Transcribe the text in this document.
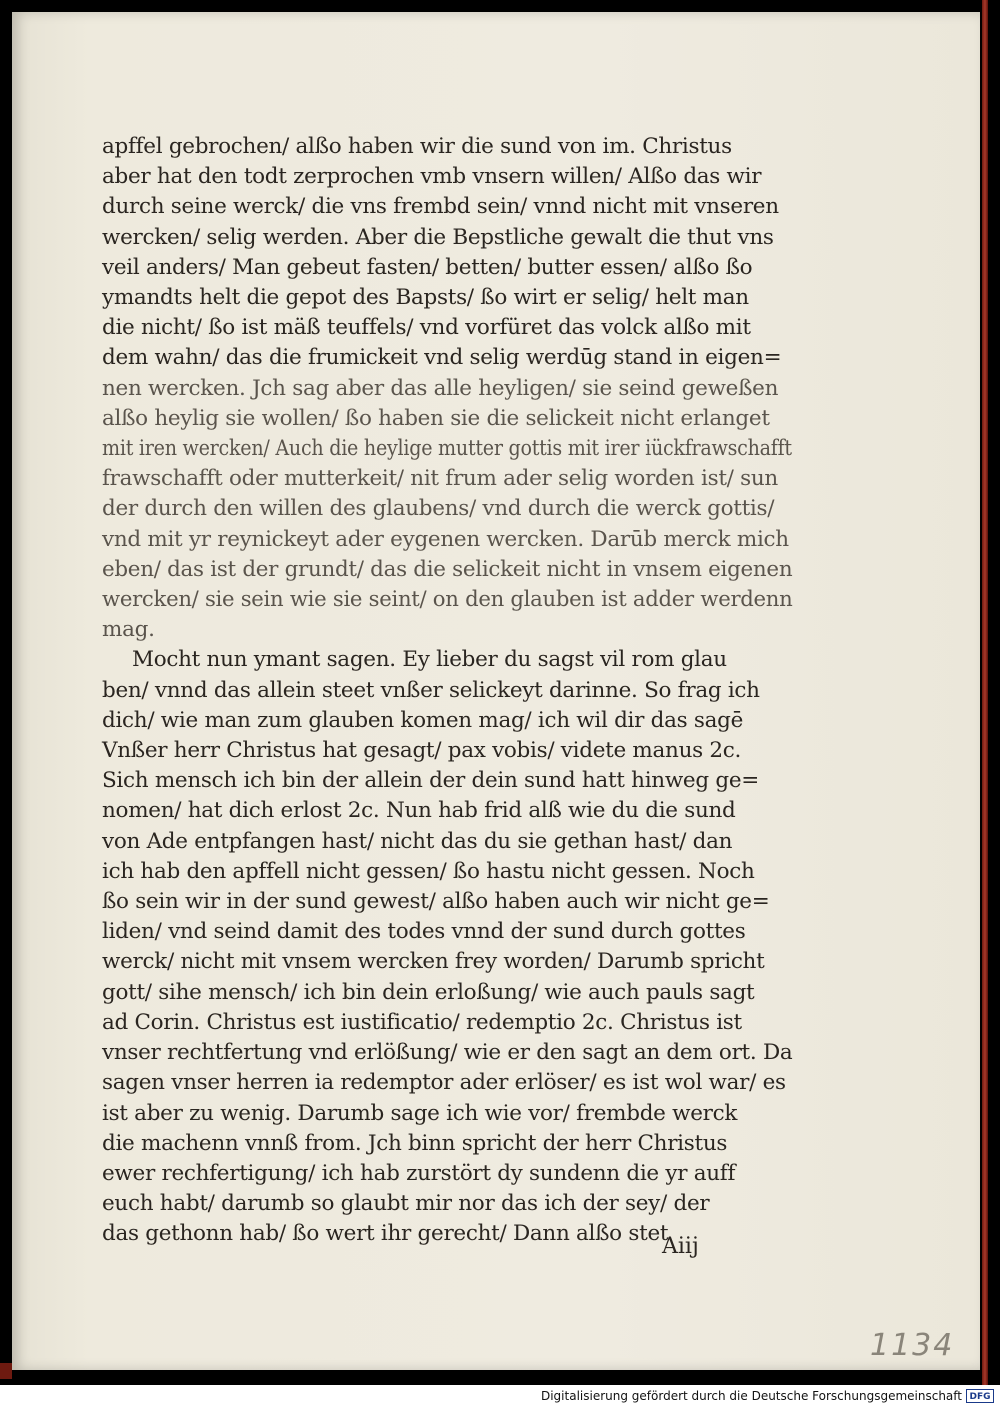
apffel gebrochen/ alßo haben wir die sund von im. Christus
aber hat den todt zerprochen vmb vnsern willen/ Alßo das wir
durch seine werck/ die vns frembd sein/ vnnd nicht mit vnseren
wercken/ selig werden. Aber die Bepstliche gewalt die thut vns
veil anders/ Man gebeut fasten/ betten/ butter essen/ alßo ßo
ymandts helt die gepot des Bapsts/ ßo wirt er selig/ helt man
die nicht/ ßo ist mäß teuffels/ vnd vorfüret das volck alßo mit
dem wahn/ das die frumickeit vnd selig werdūg stand in eigen=
nen wercken. Jch sag aber das alle heyligen/ sie seind geweßen
alßo heylig sie wollen/ ßo haben sie die selickeit nicht erlanget
mit iren wercken/ Auch die heylige mutter gottis mit irer iückfrawschafft
frawschafft oder mutterkeit/ nit frum ader selig worden ist/ sun
der durch den willen des glaubens/ vnd durch die werck gottis/
vnd mit yr reynickeyt ader eygenen wercken. Darūb merck mich
eben/ das ist der grundt/ das die selickeit nicht in vnsem eigenen
wercken/ sie sein wie sie seint/ on den glauben ist adder werdenn
mag.
Mocht nun ymant sagen. Ey lieber du sagst vil rom glau
ben/ vnnd das allein steet vnßer selickeyt darinne. So frag ich
dich/ wie man zum glauben komen mag/ ich wil dir das sagē
Vnßer herr Christus hat gesagt/ pax vobis/ videte manus 2c.
Sich mensch ich bin der allein der dein sund hatt hinweg ge=
nomen/ hat dich erlost 2c. Nun hab frid alß wie du die sund
von Ade entpfangen hast/ nicht das du sie gethan hast/ dan
ich hab den apffell nicht gessen/ ßo hastu nicht gessen. Noch
ßo sein wir in der sund gewest/ alßo haben auch wir nicht ge=
liden/ vnd seind damit des todes vnnd der sund durch gottes
werck/ nicht mit vnsem wercken frey worden/ Darumb spricht
gott/ sihe mensch/ ich bin dein erloßung/ wie auch pauls sagt
ad Corin. Christus est iustificatio/ redemptio 2c. Christus ist
vnser rechtfertung vnd erlößung/ wie er den sagt an dem ort. Da
sagen vnser herren ia redemptor ader erlöser/ es ist wol war/ es
ist aber zu wenig. Darumb sage ich wie vor/ frembde werck
die machenn vnnß from. Jch binn spricht der herr Christus
ewer rechfertigung/ ich hab zurstört dy sundenn die yr auff
euch habt/ darumb so glaubt mir nor das ich der sey/ der
das gethonn hab/ ßo wert ihr gerecht/ Dann alßo stet
Aiij
1134
Digitalisierung gefördert durch die Deutsche Forschungsgemeinschaft DFG
